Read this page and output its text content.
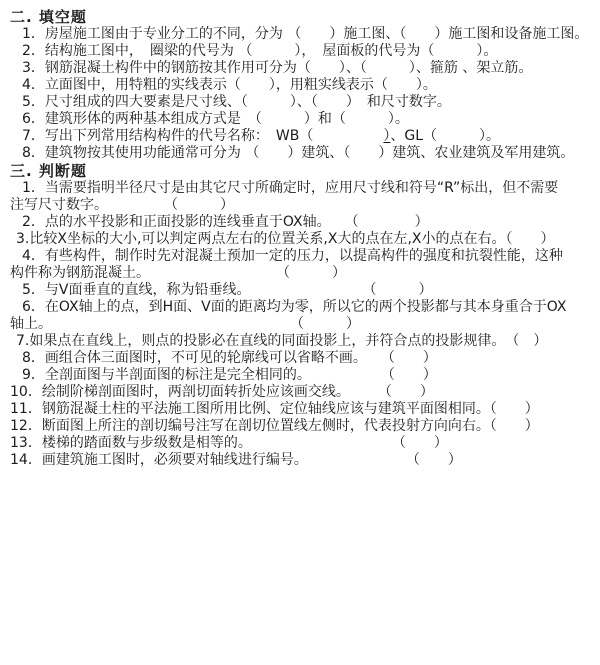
二. 填空题

1．房屋施工图由于专业分工的不同，分为 （　　）施工图、（　　）施工图和设备施工图。

2．结构施工图中，　圈梁的代号为 （　　　），　屋面板的代号为（　　　）。

3．钢筋混凝土构件中的钢筋按其作用可分为（　　）、（　　　）、箍筋 、架立筋。

4．立面图中，用特粗的实线表示（　　），用粗实线表示（　　）。

5．尺寸组成的四大要素是尺寸线、（　　　）、（　　）　和尺寸数字。

6．建筑形体的两种基本组成方式是　（　　　）和（　　　）。

7．写出下列常用结构构件的代号名称：　WB（　　　　　）、GL（　　　）。

8．建筑物按其使用功能通常可分为 （　　）建筑、（　　）建筑、农业建筑及军用建筑。

三. 判断题

1．当需要指明半径尺寸是由其它尺寸所确定时，应用尺寸线和符号“R”标出，但不需要
注写尺寸数字。　　　　　（　　　）

2．点的水平投影和正面投影的连线垂直于OX轴。　　（　　　　）

3.比较X坐标的大小,可以判定两点左右的位置关系,X大的点在左,X小的点在右。（　　）

4．有些构件，制作时先对混凝土预加一定的压力，以提高构件的强度和抗裂性能，这种
构件称为钢筋混凝土。　　　　　　　　　　（　　　）

5．与V面垂直的直线，称为铅垂线。　　　　　　　　　（　　　）

6．在OX轴上的点，到H面、V面的距离均为零，所以它的两个投影都与其本身重合于OX
轴上。　　　　　　　　　　　　　　　　　　（　　　）

7.如果点在直线上，则点的投影必在直线的同面投影上，并符合点的投影规律。　（　）

8．画组合体三面图时，不可见的轮廓线可以省略不画。　　（　　）

9．全剖面图与半剖面图的标注是完全相同的。　　　　　　（　　）

10．绘制阶梯剖面图时，两剖切面转折处应该画交线。　　　（　　）

11．钢筋混凝土柱的平法施工图所用比例、定位轴线应该与建筑平面图相同。（　　）

12．断面图上所注的剖切编号注写在剖切位置线左侧时，代表投射方向向右。（　　）

13．楼梯的踏面数与步级数是相等的。　　　　　　　　　　　（　　）

14．画建筑施工图时，必须要对轴线进行编号。　　　　　　　　（　　）
